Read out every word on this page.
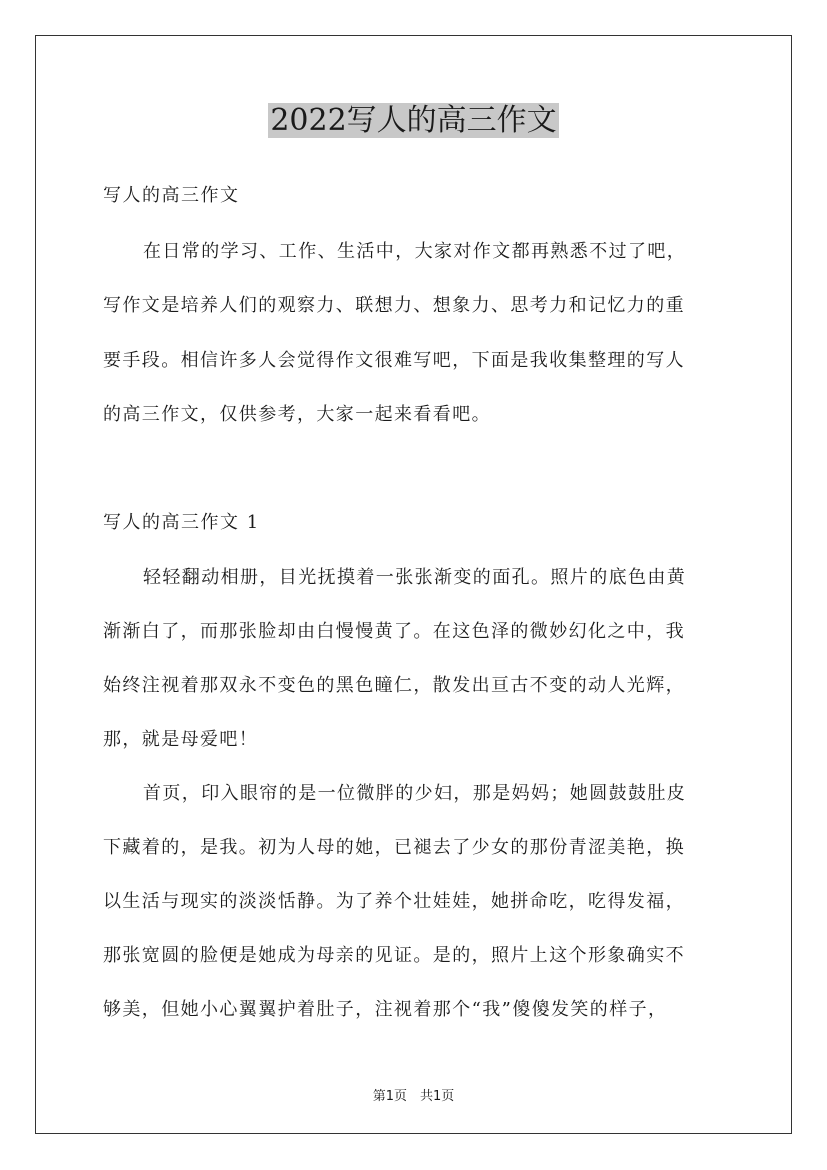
2022写人的高三作文
写人的高三作文
在日常的学习、工作、生活中，大家对作文都再熟悉不过了吧，
写作文是培养人们的观察力、联想力、想象力、思考力和记忆力的重
要手段。相信许多人会觉得作文很难写吧，下面是我收集整理的写人
的高三作文，仅供参考，大家一起来看看吧。
写人的高三作文 1
轻轻翻动相册，目光抚摸着一张张渐变的面孔。照片的底色由黄
渐渐白了，而那张脸却由白慢慢黄了。在这色泽的微妙幻化之中，我
始终注视着那双永不变色的黑色瞳仁，散发出亘古不变的动人光辉，
那，就是母爱吧！
首页，印入眼帘的是一位微胖的少妇，那是妈妈；她圆鼓鼓肚皮
下藏着的，是我。初为人母的她，已褪去了少女的那份青涩美艳，换
以生活与现实的淡淡恬静。为了养个壮娃娃，她拼命吃，吃得发福，
那张宽圆的脸便是她成为母亲的见证。是的，照片上这个形象确实不
够美，但她小心翼翼护着肚子，注视着那个“我”傻傻发笑的样子，
第1页　共1页
